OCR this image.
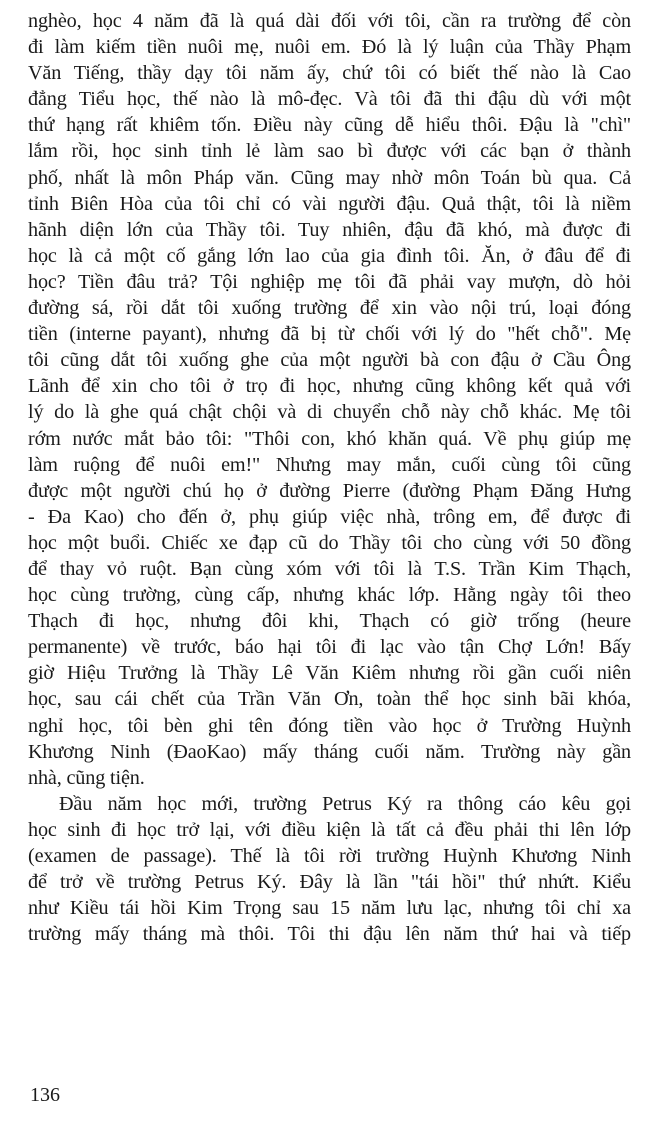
nghèo, học 4 năm đã là quá dài đối với tôi, cần ra trường để còn
đi làm kiếm tiền nuôi mẹ, nuôi em. Đó là lý luận của Thầy Phạm
Văn Tiếng, thầy dạy tôi năm ấy, chứ tôi có biết thế nào là Cao
đẳng Tiểu học, thế nào là mô-đẹc. Và tôi đã thi đậu dù với một
thứ hạng rất khiêm tốn. Điều này cũng dễ hiểu thôi. Đậu là "chì"
lắm rồi, học sinh tỉnh lẻ làm sao bì được với các bạn ở thành
phố, nhất là môn Pháp văn. Cũng may nhờ môn Toán bù qua. Cả
tỉnh Biên Hòa của tôi chỉ có vài người đậu. Quả thật, tôi là niềm
hãnh diện lớn của Thầy tôi. Tuy nhiên, đậu đã khó, mà được đi
học là cả một cố gắng lớn lao của gia đình tôi. Ăn, ở đâu để đi
học? Tiền đâu trả? Tội nghiệp mẹ tôi đã phải vay mượn, dò hỏi
đường sá, rồi dắt tôi xuống trường để xin vào nội trú, loại đóng
tiền (interne payant), nhưng đã bị từ chối với lý do "hết chỗ". Mẹ
tôi cũng dắt tôi xuống ghe của một người bà con đậu ở Cầu Ông
Lãnh để xin cho tôi ở trọ đi học, nhưng cũng không kết quả với
lý do là ghe quá chật chội và di chuyển chỗ này chỗ khác. Mẹ tôi
rớm nước mắt bảo tôi: "Thôi con, khó khăn quá. Về phụ giúp mẹ
làm ruộng để nuôi em!" Nhưng may mắn, cuối cùng tôi cũng
được một người chú họ ở đường Pierre (đường Phạm Đăng Hưng
- Đa Kao) cho đến ở, phụ giúp việc nhà, trông em, để được đi
học một buổi. Chiếc xe đạp cũ do Thầy tôi cho cùng với 50 đồng
để thay vỏ ruột. Bạn cùng xóm với tôi là T.S. Trần Kim Thạch,
học cùng trường, cùng cấp, nhưng khác lớp. Hằng ngày tôi theo
Thạch đi học, nhưng đôi khi, Thạch có giờ trống (heure
permanente) về trước, báo hại tôi đi lạc vào tận Chợ Lớn! Bấy
giờ Hiệu Trưởng là Thầy Lê Văn Kiêm nhưng rồi gần cuối niên
học, sau cái chết của Trần Văn Ơn, toàn thể học sinh bãi khóa,
nghỉ học, tôi bèn ghi tên đóng tiền vào học ở Trường Huỳnh
Khương Ninh (ĐaoKao) mấy tháng cuối năm. Trường này gần
nhà, cũng tiện.
Đầu năm học mới, trường Petrus Ký ra thông cáo kêu gọi
học sinh đi học trở lại, với điều kiện là tất cả đều phải thi lên lớp
(examen de passage). Thế là tôi rời trường Huỳnh Khương Ninh
để trở về trường Petrus Ký. Đây là lần "tái hồi" thứ nhứt. Kiểu
như Kiều tái hồi Kim Trọng sau 15 năm lưu lạc, nhưng tôi chỉ xa
trường mấy tháng mà thôi. Tôi thi đậu lên năm thứ hai và tiếp
136
